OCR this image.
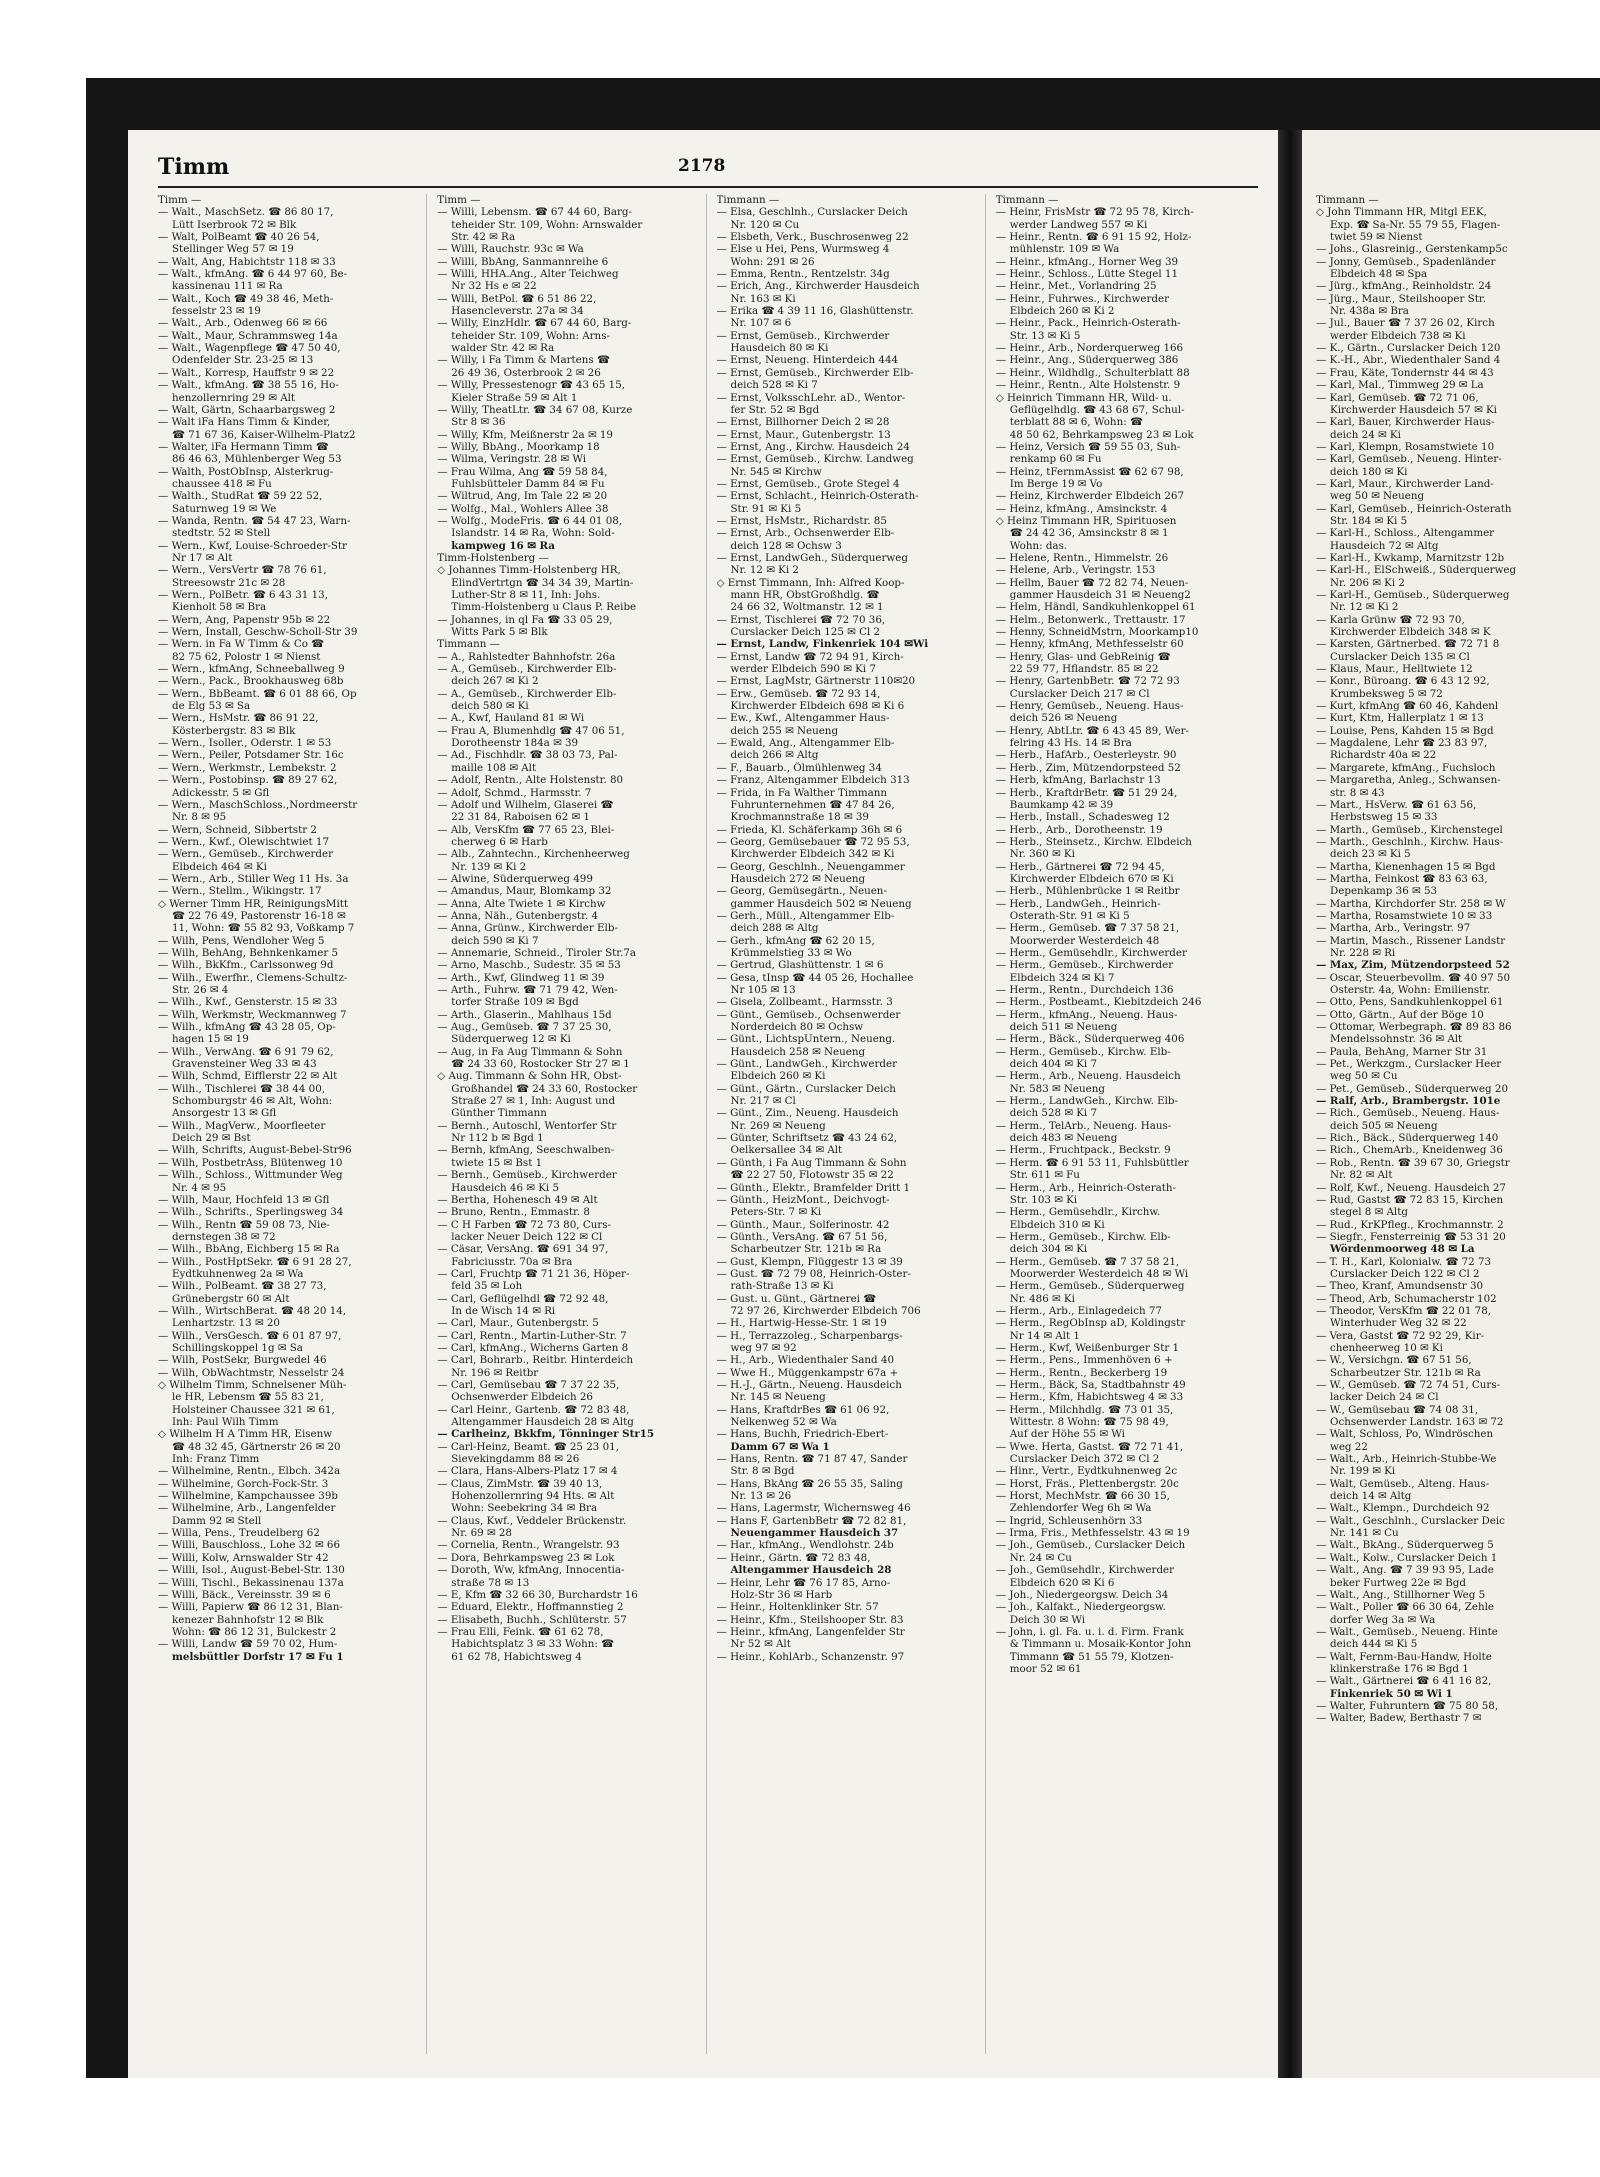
Timm	2178
Timm —
— Walt., MaschSetz. ☎ 86 80 17,
Lütt Iserbrook 72 ✉ Blk
— Walt, PolBeamt ☎ 40 26 54,
Stellinger Weg 57 ✉ 19
— Walt, Ang, Habichtstr 118 ✉ 33
— Walt., kfmAng. ☎ 6 44 97 60, Be-
kassinenau 111 ✉ Ra
— Walt., Koch ☎ 49 38 46, Meth-
fesselstr 23 ✉ 19
— Walt., Arb., Odenweg 66 ✉ 66
— Walt., Maur, Schrammsweg 14a
— Walt., Wagenpflege ☎ 47 50 40,
Odenfelder Str. 23-25 ✉ 13
— Walt., Korresp, Hauffstr 9 ✉ 22
— Walt., kfmAng. ☎ 38 55 16, Ho-
henzollernring 29 ✉ Alt
— Walt, Gärtn, Schaarbargsweg 2
— Walt iFa Hans Timm & Kinder,
☎ 71 67 36, Kaiser-Wilhelm-Platz2
— Walter, iFa Hermann Timm ☎
86 46 63, Mühlenberger Weg 53
— Walth, PostObInsp, Alsterkrug-
chaussee 418 ✉ Fu
— Walth., StudRat ☎ 59 22 52,
Saturnweg 19 ✉ We
— Wanda, Rentn. ☎ 54 47 23, Warn-
stedtstr. 52 ✉ Stell
— Wern., Kwf, Louise-Schroeder-Str
Nr 17 ✉ Alt
— Wern., VersVertr ☎ 78 76 61,
Streesowstr 21c ✉ 28
— Wern., PolBetr. ☎ 6 43 31 13,
Kienholt 58 ✉ Bra
— Wern, Ang, Papenstr 95b ✉ 22
— Wern, Install, Geschw-Scholl-Str 39
— Wern. in Fa W Timm & Co ☎
82 75 62, Polostr 1 ✉ Nienst
— Wern., kfmAng, Schneeballweg 9
— Wern., Pack., Brookhausweg 68b
— Wern., BbBeamt. ☎ 6 01 88 66, Op
de Elg 53 ✉ Sa
— Wern., HsMstr. ☎ 86 91 22,
Kösterbergstr. 83 ✉ Blk
— Wern., Isoller., Oderstr. 1 ✉ 53
— Wern., Peiler, Potsdamer Str. 16c
— Wern., Werkmstr., Lembekstr. 2
— Wern., Postobinsp. ☎ 89 27 62,
Adickesstr. 5 ✉ Gfl
— Wern., MaschSchloss.,Nordmeerstr
Nr. 8 ✉ 95
— Wern, Schneid, Sibbertstr 2
— Wern., Kwf., Olewischtwiet 17
— Wern., Gemüseb., Kirchwerder
Elbdeich 464 ✉ Ki
— Wern., Arb., Stiller Weg 11 Hs. 3a
— Wern., Stellm., Wikingstr. 17
◇ Werner Timm HR, ReinigungsMitt
☎ 22 76 49, Pastorenstr 16-18 ✉
11, Wohn: ☎ 55 82 93, Voßkamp 7
— Wilh, Pens, Wendloher Weg 5
— Wilh, BehAng, Behnkenkamer 5
— Wilh., BkKfm., Carlssonweg 9d
— Wilh., Ewerfhr., Clemens-Schultz-
Str. 26 ✉ 4
— Wilh., Kwf., Gensterstr. 15 ✉ 33
— Wilh, Werkmstr, Weckmannweg 7
— Wilh., kfmAng ☎ 43 28 05, Op-
hagen 15 ✉ 19
— Wilh., VerwAng. ☎ 6 91 79 62,
Gravensteiner Weg 33 ✉ 43
— Wilh, Schmd, Eifflerstr 22 ✉ Alt
— Wilh., Tischlerei ☎ 38 44 00,
Schomburgstr 46 ✉ Alt, Wohn:
Ansorgestr 13 ✉ Gfl
— Wilh., MagVerw., Moorfleeter
Deich 29 ✉ Bst
— Wilh, Schrifts, August-Bebel-Str96
— Wilh, PostbetrAss, Blütenweg 10
— Wilh., Schloss., Wittmunder Weg
Nr. 4 ✉ 95
— Wilh, Maur, Hochfeld 13 ✉ Gfl
— Wilh., Schrifts., Sperlingsweg 34
— Wilh., Rentn ☎ 59 08 73, Nie-
dernstegen 38 ✉ 72
— Wilh., BbAng, Eichberg 15 ✉ Ra
— Wilh., PostHptSekr. ☎ 6 91 28 27,
Eydtkuhnenweg 2a ✉ Wa
— Wilh., PolBeamt. ☎ 38 27 73,
Grünebergstr 60 ✉ Alt
— Wilh., WirtschBerat. ☎ 48 20 14,
Lenhartzstr. 13 ✉ 20
— Wilh., VersGesch. ☎ 6 01 87 97,
Schillingskoppel 1g ✉ Sa
— Wilh, PostSekr, Burgwedel 46
— Wilh, ObWachtmstr, Nesselstr 24
◇ Wilhelm Timm, Schnelsener Müh-
le HR, Lebensm ☎ 55 83 21,
Holsteiner Chaussee 321 ✉ 61,
Inh: Paul Wilh Timm
◇ Wilhelm H A Timm HR, Eisenw
☎ 48 32 45, Gärtnerstr 26 ✉ 20
Inh: Franz Timm
— Wilhelmine, Rentn., Elbch. 342a
— Wilhelmine, Gorch-Fock-Str. 3
— Wilhelmine, Kampchaussee 39b
— Wilhelmine, Arb., Langenfelder
Damm 92 ✉ Stell
— Willa, Pens., Treudelberg 62
— Willi, Bauschloss., Lohe 32 ✉ 66
— Willi, Kolw, Arnswalder Str 42
— Willi, Isol., August-Bebel-Str. 130
— Willi, Tischl., Bekassinenau 137a
— Willi, Bäck., Vereinsstr. 39 ✉ 6
— Willi, Papierw ☎ 86 12 31, Blan-
kenezer Bahnhofstr 12 ✉ Blk
Wohn: ☎ 86 12 31, Bulckestr 2
— Willi, Landw ☎ 59 70 02, Hum-
melsbüttler Dorfstr 17 ✉ Fu 1
Timm —
— Willi, Lebensm. ☎ 67 44 60, Barg-
teheider Str. 109, Wohn: Arnswalder
Str. 42 ✉ Ra
— Willi, Rauchstr. 93c ✉ Wa
— Willi, BbAng, Sanmannreihe 6
— Willi, HHA.Ang., Alter Teichweg
Nr 32 Hs e ✉ 22
— Willi, BetPol. ☎ 6 51 86 22,
Hasencleverstr. 27a ✉ 34
— Willy, EinzHdlr. ☎ 67 44 60, Barg-
teheider Str. 109, Wohn: Arns-
walder Str. 42 ✉ Ra
— Willy, i Fa Timm & Martens ☎
26 49 36, Osterbrook 2 ✉ 26
— Willy, Pressestenogr ☎ 43 65 15,
Kieler Straße 59 ✉ Alt 1
— Willy, TheatLtr. ☎ 34 67 08, Kurze
Str 8 ✉ 36
— Willy, Kfm, Meißnerstr 2a ✉ 19
— Willy, BbAng., Moorkamp 18
— Wilma, Veringstr. 28 ✉ Wi
— Frau Wilma, Ang ☎ 59 58 84,
Fuhlsbütteler Damm 84 ✉ Fu
— Wiltrud, Ang, Im Tale 22 ✉ 20
— Wolfg., Mal., Wohlers Allee 38
— Wolfg., ModeFris. ☎ 6 44 01 08,
Islandstr. 14 ✉ Ra, Wohn: Sold-
kampweg 16 ✉ Ra
Timm-Holstenberg —
◇ Johannes Timm-Holstenberg HR,
ElindVertrtgn ☎ 34 34 39, Martin-
Luther-Str 8 ✉ 11, Inh: Johs.
Timm-Holstenberg u Claus P. Reibe
— Johannes, in ql Fa ☎ 33 05 29,
Witts Park 5 ✉ Blk
Timmann —
— A., Rahlstedter Bahnhofstr. 26a
— A., Gemüseb., Kirchwerder Elb-
deich 267 ✉ Ki 2
— A., Gemüseb., Kirchwerder Elb-
deich 580 ✉ Ki
— A., Kwf, Hauland 81 ✉ Wi
— Frau A, Blumenhdlg ☎ 47 06 51,
Dorotheenstr 184a ✉ 39
— Ad., Fischhdlr. ☎ 38 03 73, Pal-
maille 108 ✉ Alt
— Adolf, Rentn., Alte Holstenstr. 80
— Adolf, Schmd., Harmsstr. 7
— Adolf und Wilhelm, Glaserei ☎
22 31 84, Raboisen 62 ✉ 1
— Alb, VersKfm ☎ 77 65 23, Blei-
cherweg 6 ✉ Harb
— Alb., Zahntechn., Kirchenheerweg
Nr. 139 ✉ Ki 2
— Alwine, Süderquerweg 499
— Amandus, Maur, Blomkamp 32
— Anna, Alte Twiete 1 ✉ Kirchw
— Anna, Näh., Gutenbergstr. 4
— Anna, Grünw., Kirchwerder Elb-
deich 590 ✉ Ki 7
— Annemarie, Schneid., Tiroler Str.7a
— Arno, Maschb., Sudestr. 35 ✉ 53
— Arth., Kwf, Glindweg 11 ✉ 39
— Arth., Fuhrw. ☎ 71 79 42, Wen-
torfer Straße 109 ✉ Bgd
— Arth., Glaserin., Mahlhaus 15d
— Aug., Gemüseb. ☎ 7 37 25 30,
Süderquerweg 12 ✉ Ki
— Aug, in Fa Aug Timmann & Sohn
☎ 24 33 60, Rostocker Str 27 ✉ 1
◇ Aug. Timmann & Sohn HR, Obst-
Großhandel ☎ 24 33 60, Rostocker
Straße 27 ✉ 1, Inh: August und
Günther Timmann
— Bernh., Autoschl, Wentorfer Str
Nr 112 b ✉ Bgd 1
— Bernh, kfmAng, Seeschwalben-
twiete 15 ✉ Bst 1
— Bernh., Gemüseb., Kirchwerder
Hausdeich 46 ✉ Ki 5
— Bertha, Hohenesch 49 ✉ Alt
— Bruno, Rentn., Emmastr. 8
— C H Farben ☎ 72 73 80, Curs-
lacker Neuer Deich 122 ✉ Cl
— Cäsar, VersAng. ☎ 691 34 97,
Fabriciusstr. 70a ✉ Bra
— Carl, Fruchtp ☎ 71 21 36, Höper-
feld 35 ✉ Loh
— Carl, Geflügelhdl ☎ 72 92 48,
In de Wisch 14 ✉ Ri
— Carl, Maur., Gutenbergstr. 5
— Carl, Rentn., Martin-Luther-Str. 7
— Carl, kfmAng., Wicherns Garten 8
— Carl, Bohrarb., Reitbr. Hinterdeich
Nr. 196 ✉ Reitbr
— Carl, Gemüsebau ☎ 7 37 22 35,
Ochsenwerder Elbdeich 26
— Carl Heinr., Gartenb. ☎ 72 83 48,
Altengammer Hausdeich 28 ✉ Altg
— Carlheinz, Bkkfm, Tönninger Str15
— Carl-Heinz, Beamt. ☎ 25 23 01,
Sievekingdamm 88 ✉ 26
— Clara, Hans-Albers-Platz 17 ✉ 4
— Claus, ZimMstr. ☎ 39 40 13,
Hohenzollernring 94 Hts. ✉ Alt
Wohn: Seebekring 34 ✉ Bra
— Claus, Kwf., Veddeler Brückenstr.
Nr. 69 ✉ 28
— Cornelia, Rentn., Wrangelstr. 93
— Dora, Behrkampsweg 23 ✉ Lok
— Doroth, Ww, kfmAng, Innocentia-
straße 78 ✉ 13
— E, Kfm ☎ 32 66 30, Burchardstr 16
— Eduard, Elektr., Hoffmannstieg 2
— Elisabeth, Buchh., Schlüterstr. 57
— Frau Elli, Feink. ☎ 61 62 78,
Habichtsplatz 3 ✉ 33 Wohn: ☎
61 62 78, Habichtsweg 4
Timmann —
— Elsa, Geschlnh., Curslacker Deich
Nr. 120 ✉ Cu
— Elsbeth, Verk., Buschrosenweg 22
— Else u Hei, Pens, Wurmsweg 4
Wohn: 291 ✉ 26
— Emma, Rentn., Rentzelstr. 34g
— Erich, Ang., Kirchwerder Hausdeich
Nr. 163 ✉ Ki
— Erika ☎ 4 39 11 16, Glashüttenstr.
Nr. 107 ✉ 6
— Ernst, Gemüseb., Kirchwerder
Hausdeich 80 ✉ Ki
— Ernst, Neueng. Hinterdeich 444
— Ernst, Gemüseb., Kirchwerder Elb-
deich 528 ✉ Ki 7
— Ernst, VolksschLehr. aD., Wentor-
fer Str. 52 ✉ Bgd
— Ernst, Billhorner Deich 2 ✉ 28
— Ernst, Maur., Gutenbergstr. 13
— Ernst, Ang., Kirchw. Hausdeich 24
— Ernst, Gemüseb., Kirchw. Landweg
Nr. 545 ✉ Kirchw
— Ernst, Gemüseb., Grote Stegel 4
— Ernst, Schlacht., Heinrich-Osterath-
Str. 91 ✉ Ki 5
— Ernst, HsMstr., Richardstr. 85
— Ernst, Arb., Ochsenwerder Elb-
deich 128 ✉ Ochsw 3
— Ernst, LandwGeh., Süderquerweg
Nr. 12 ✉ Ki 2
◇ Ernst Timmann, Inh: Alfred Koop-
mann HR, ObstGroßhdlg. ☎
24 66 32, Woltmanstr. 12 ✉ 1
— Ernst, Tischlerei ☎ 72 70 36,
Curslacker Deich 125 ✉ Cl 2
— Ernst, Landw, Finkenriek 104 ✉Wi
— Ernst, Landw ☎ 72 94 91, Kirch-
werder Elbdeich 590 ✉ Ki 7
— Ernst, LagMstr, Gärtnerstr 110✉20
— Erw., Gemüseb. ☎ 72 93 14,
Kirchwerder Elbdeich 698 ✉ Ki 6
— Ew., Kwf., Altengammer Haus-
deich 255 ✉ Neueng
— Ewald, Ang., Altengammer Elb-
deich 266 ✉ Altg
— F., Bauarb., Ölmühlenweg 34
— Franz, Altengammer Elbdeich 313
— Frida, in Fa Walther Timmann
Fuhrunternehmen ☎ 47 84 26,
Krochmannstraße 18 ✉ 39
— Frieda, Kl. Schäferkamp 36h ✉ 6
— Georg, Gemüsebauer ☎ 72 95 53,
Kirchwerder Elbdeich 342 ✉ Ki
— Georg, Geschlnh., Neuengammer
Hausdeich 272 ✉ Neueng
— Georg, Gemüsegärtn., Neuen-
gammer Hausdeich 502 ✉ Neueng
— Gerh., Müll., Altengammer Elb-
deich 288 ✉ Altg
— Gerh., kfmAng ☎ 62 20 15,
Krümmelstieg 33 ✉ Wo
— Gertrud, Glashüttenstr. 1 ✉ 6
— Gesa, tInsp ☎ 44 05 26, Hochallee
Nr 105 ✉ 13
— Gisela, Zollbeamt., Harmsstr. 3
— Günt., Gemüseb., Ochsenwerder
Norderdeich 80 ✉ Ochsw
— Günt., LichtspUntern., Neueng.
Hausdeich 258 ✉ Neueng
— Günt., LandwGeh., Kirchwerder
Elbdeich 260 ✉ Ki
— Günt., Gärtn., Curslacker Deich
Nr. 217 ✉ Cl
— Günt., Zim., Neueng. Hausdeich
Nr. 269 ✉ Neueng
— Günter, Schriftsetz ☎ 43 24 62,
Oelkersallee 34 ✉ Alt
— Günth, i Fa Aug Timmann & Sohn
☎ 22 27 50, Flotowstr 35 ✉ 22
— Günth., Elektr., Bramfelder Dritt 1
— Günth., HeizMont., Deichvogt-
Peters-Str. 7 ✉ Ki
— Günth., Maur., Solferinostr. 42
— Günth., VersAng. ☎ 67 51 56,
Scharbeutzer Str. 121b ✉ Ra
— Gust, Klempn, Flüggestr 13 ✉ 39
— Gust. ☎ 72 79 08, Heinrich-Oster-
rath-Straße 13 ✉ Ki
— Gust. u. Günt., Gärtnerei ☎
72 97 26, Kirchwerder Elbdeich 706
— H., Hartwig-Hesse-Str. 1 ✉ 19
— H., Terrazzoleg., Scharpenbargs-
weg 97 ✉ 92
— H., Arb., Wiedenthaler Sand 40
— Wwe H., Müggenkampstr 67a +
— H.-J., Gärtn., Neueng. Hausdeich
Nr. 145 ✉ Neueng
— Hans, KraftdrBes ☎ 61 06 92,
Nelkenweg 52 ✉ Wa
— Hans, Buchh, Friedrich-Ebert-
Damm 67 ✉ Wa 1
— Hans, Rentn. ☎ 71 87 47, Sander
Str. 8 ✉ Bgd
— Hans, BkAng ☎ 26 55 35, Saling
Nr. 13 ✉ 26
— Hans, Lagermstr, Wichernsweg 46
— Hans F, GartenbBetr ☎ 72 82 81,
Neuengammer Hausdeich 37
— Har., kfmAng., Wendlohstr. 24b
— Heinr., Gärtn. ☎ 72 83 48,
Altengammer Hausdeich 28
— Heinr, Lehr ☎ 76 17 85, Arno-
Holz-Str 36 ✉ Harb
— Heinr., Holtenklinker Str. 57
— Heinr., Kfm., Steilshooper Str. 83
— Heinr., kfmAng, Langenfelder Str
Nr 52 ✉ Alt
— Heinr., KohlArb., Schanzenstr. 97
Timmann —
— Heinr, FrisMstr ☎ 72 95 78, Kirch-
werder Landweg 557 ✉ Ki
— Heinr., Rentn. ☎ 6 91 15 92, Holz-
mühlenstr. 109 ✉ Wa
— Heinr., kfmAng., Horner Weg 39
— Heinr., Schloss., Lütte Stegel 11
— Heinr., Met., Vorlandring 25
— Heinr., Fuhrwes., Kirchwerder
Elbdeich 260 ✉ Ki 2
— Heinr., Pack., Heinrich-Osterath-
Str. 13 ✉ Ki 5
— Heinr., Arb., Norderquerweg 166
— Heinr., Ang., Süderquerweg 386
— Heinr., Wildhdlg., Schulterblatt 88
— Heinr., Rentn., Alte Holstenstr. 9
◇ Heinrich Timmann HR, Wild- u.
Geflügelhdlg. ☎ 43 68 67, Schul-
terblatt 88 ✉ 6, Wohn: ☎
48 50 62, Behrkampsweg 23 ✉ Lok
— Heinz, Versich ☎ 59 55 03, Suh-
renkamp 60 ✉ Fu
— Heinz, tFernmAssist ☎ 62 67 98,
Im Berge 19 ✉ Vo
— Heinz, Kirchwerder Elbdeich 267
— Heinz, kfmAng., Amsinckstr. 4
◇ Heinz Timmann HR, Spirituosen
☎ 24 42 36, Amsinckstr 8 ✉ 1
Wohn: das.
— Helene, Rentn., Himmelstr. 26
— Helene, Arb., Veringstr. 153
— Hellm, Bauer ☎ 72 82 74, Neuen-
gammer Hausdeich 31 ✉ Neueng2
— Helm, Händl, Sandkuhlenkoppel 61
— Helm., Betonwerk., Trettaustr. 17
— Henny, SchneidMstrn, Moorkamp10
— Henny, kfmAng, Methfesselstr 60
— Henry, Glas- und GebReinig ☎
22 59 77, Hflandstr. 85 ✉ 22
— Henry, GartenbBetr. ☎ 72 72 93
Curslacker Deich 217 ✉ Cl
— Henry, Gemüseb., Neueng. Haus-
deich 526 ✉ Neueng
— Henry, AbtLtr. ☎ 6 43 45 89, Wer-
felring 43 Hs. 14 ✉ Bra
— Herb., HafArb., Oesterleystr. 90
— Herb., Zim, Mützendorpsteed 52
— Herb, kfmAng, Barlachstr 13
— Herb., KraftdrBetr. ☎ 51 29 24,
Baumkamp 42 ✉ 39
— Herb., Install., Schadesweg 12
— Herb., Arb., Dorotheenstr. 19
— Herb., Steinsetz., Kirchw. Elbdeich
Nr. 360 ✉ Ki
— Herb., Gärtnerei ☎ 72 94 45,
Kirchwerder Elbdeich 670 ✉ Ki
— Herb., Mühlenbrücke 1 ✉ Reitbr
— Herb., LandwGeh., Heinrich-
Osterath-Str. 91 ✉ Ki 5
— Herm., Gemüseb. ☎ 7 37 58 21,
Moorwerder Westerdeich 48
— Herm., Gemüsehdlr., Kirchwerder
— Herm., Gemüseb., Kirchwerder
Elbdeich 324 ✉ Ki 7
— Herm., Rentn., Durchdeich 136
— Herm., Postbeamt., Kiebitzdeich 246
— Herm., kfmAng., Neueng. Haus-
deich 511 ✉ Neueng
— Herm., Bäck., Süderquerweg 406
— Herm., Gemüseb., Kirchw. Elb-
deich 404 ✉ Ki 7
— Herm., Arb., Neueng. Hausdeich
Nr. 583 ✉ Neueng
— Herm., LandwGeh., Kirchw. Elb-
deich 528 ✉ Ki 7
— Herm., TelArb., Neueng. Haus-
deich 483 ✉ Neueng
— Herm., Fruchtpack., Beckstr. 9
— Herm. ☎ 6 91 53 11, Fuhlsbüttler
Str. 611 ✉ Fu
— Herm., Arb., Heinrich-Osterath-
Str. 103 ✉ Ki
— Herm., Gemüsehdlr., Kirchw.
Elbdeich 310 ✉ Ki
— Herm., Gemüseb., Kirchw. Elb-
deich 304 ✉ Ki
— Herm., Gemüseb. ☎ 7 37 58 21,
Moorwerder Westerdeich 48 ✉ Wi
— Herm., Gemüseb., Süderquerweg
Nr. 486 ✉ Ki
— Herm., Arb., Einlagedeich 77
— Herm., RegObInsp aD, Koldingstr
Nr 14 ✉ Alt 1
— Herm., Kwf, Weißenburger Str 1
— Herm., Pens., Immenhöven 6 +
— Herm., Rentn., Beckerberg 19
— Herm., Bäck, Sa, Stadtbahnstr 49
— Herm., Kfm, Habichtsweg 4 ✉ 33
— Herm., Milchhdlg. ☎ 73 01 35,
Wittestr. 8 Wohn: ☎ 75 98 49,
Auf der Höhe 55 ✉ Wi
— Wwe. Herta, Gastst. ☎ 72 71 41,
Curslacker Deich 372 ✉ Cl 2
— Hinr., Vertr., Eydtkuhnenweg 2c
— Horst, Fräs., Plettenbergstr. 20c
— Horst, MechMstr. ☎ 66 30 15,
Zehlendorfer Weg 6h ✉ Wa
— Ingrid, Schleusenhörn 33
— Irma, Fris., Methfesselstr. 43 ✉ 19
— Joh., Gemüseb., Curslacker Deich
Nr. 24 ✉ Cu
— Joh., Gemüsehdlr., Kirchwerder
Elbdeich 620 ✉ Ki 6
— Joh., Niedergeorgsw. Deich 34
— Joh., Kalfakt., Niedergeorgsw.
Deich 30 ✉ Wi
— John, i. gl. Fa. u. i. d. Firm. Frank
& Timmann u. Mosaik-Kontor John
Timmann ☎ 51 55 79, Klotzen-
moor 52 ✉ 61
Timmann —
◇ John Timmann HR, Mitgl EEK,
Exp. ☎ Sa-Nr. 55 79 55, Flagen-
twiet 59 ✉ Nienst
— Johs., Glasreinig., Gerstenkamp5c
— Jonny, Gemüseb., Spadenländer
Elbdeich 48 ✉ Spa
— Jürg., kfmAng., Reinholdstr. 24
— Jürg., Maur., Steilshooper Str.
Nr. 438a ✉ Bra
— Jul., Bauer ☎ 7 37 26 02, Kirch
werder Elbdeich 738 ✉ Ki
— K., Gärtn., Curslacker Deich 120
— K.-H., Abr., Wiedenthaler Sand 4
— Frau, Käte, Tondernstr 44 ✉ 43
— Karl, Mal., Timmweg 29 ✉ La
— Karl, Gemüseb. ☎ 72 71 06,
Kirchwerder Hausdeich 57 ✉ Ki
— Karl, Bauer, Kirchwerder Haus-
deich 24 ✉ Ki
— Karl, Klempn, Rosamstwiete 10
— Karl, Gemüseb., Neueng. Hinter-
deich 180 ✉ Ki
— Karl, Maur., Kirchwerder Land-
weg 50 ✉ Neueng
— Karl, Gemüseb., Heinrich-Osterath
Str. 184 ✉ Ki 5
— Karl-H., Schloss., Altengammer
Hausdeich 72 ✉ Altg
— Karl-H., Kwkamp, Marnitzstr 12b
— Karl-H., ElSchweiß., Süderquerweg
Nr. 206 ✉ Ki 2
— Karl-H., Gemüseb., Süderquerweg
Nr. 12 ✉ Ki 2
— Karla Grünw ☎ 72 93 70,
Kirchwerder Elbdeich 348 ✉ K
— Karsten, Gärtnerbed. ☎ 72 71 8
Curslacker Deich 135 ✉ Cl
— Klaus, Maur., Helltwiete 12
— Konr., Büroang. ☎ 6 43 12 92,
Krumbeksweg 5 ✉ 72
— Kurt, kfmAng ☎ 60 46, Kahdenl
— Kurt, Ktm, Hallerplatz 1 ✉ 13
— Louise, Pens, Kahden 15 ✉ Bgd
— Magdalene, Lehr ☎ 23 83 97,
Richardstr 40a ✉ 22
— Margarete, kfmAng., Fuchsloch
— Margaretha, Anleg., Schwansen-
str. 8 ✉ 43
— Mart., HsVerw. ☎ 61 63 56,
Herbstsweg 15 ✉ 33
— Marth., Gemüseb., Kirchenstegel
— Marth., Geschlnh., Kirchw. Haus-
deich 23 ✉ Ki 5
— Martha, Kienenhagen 15 ✉ Bgd
— Martha, Feinkost ☎ 83 63 63,
Depenkamp 36 ✉ 53
— Martha, Kirchdorfer Str. 258 ✉ W
— Martha, Rosamstwiete 10 ✉ 33
— Martha, Arb., Veringstr. 97
— Martin, Masch., Rissener Landstr
Nr. 228 ✉ Ri
— Max, Zim, Mützendorpsteed 52
— Oscar, Steuerbevollm. ☎ 40 97 50
Osterstr. 4a, Wohn: Emilienstr.
— Otto, Pens, Sandkuhlenkoppel 61
— Otto, Gärtn., Auf der Böge 10
— Ottomar, Werbegraph. ☎ 89 83 86
Mendelssohnstr. 36 ✉ Alt
— Paula, BehAng, Marner Str 31
— Pet., Werkzgm., Curslacker Heer
weg 50 ✉ Cu
— Pet., Gemüseb., Süderquerweg 20
— Ralf, Arb., Brambergstr. 101e
— Rich., Gemüseb., Neueng. Haus-
deich 505 ✉ Neueng
— Rich., Bäck., Süderquerweg 140
— Rich., ChemArb., Kneidenweg 36
— Rob., Rentn. ☎ 39 67 30, Griegstr
Nr. 82 ✉ Alt
— Rolf, Kwf., Neueng. Hausdeich 27
— Rud, Gastst ☎ 72 83 15, Kirchen
stegel 8 ✉ Altg
— Rud., KrKPfleg., Krochmannstr. 2
— Siegfr., Fensterreinig ☎ 53 31 20
Wördenmoorweg 48 ✉ La
— T. H., Karl, Kolonialw. ☎ 72 73
Curslacker Deich 122 ✉ Cl 2
— Theo, Kranf, Amundsenstr 30
— Theod, Arb, Schumacherstr 102
— Theodor, VersKfm ☎ 22 01 78,
Winterhuder Weg 32 ✉ 22
— Vera, Gastst ☎ 72 92 29, Kir-
chenheerweg 10 ✉ Ki
— W., Versichgn. ☎ 67 51 56,
Scharbeutzer Str. 121b ✉ Ra
— W., Gemüseb. ☎ 72 74 51, Curs-
lacker Deich 24 ✉ Cl
— W., Gemüsebau ☎ 74 08 31,
Ochsenwerder Landstr. 163 ✉ 72
— Walt, Schloss, Po, Windröschen
weg 22
— Walt., Arb., Heinrich-Stubbe-We
Nr. 199 ✉ Ki
— Walt, Gemüseb., Alteng. Haus-
deich 14 ✉ Altg
— Walt., Klempn., Durchdeich 92
— Walt., Geschlnh., Curslacker Deic
Nr. 141 ✉ Cu
— Walt., BkAng., Süderquerweg 5
— Walt., Kolw., Curslacker Deich 1
— Walt., Ang. ☎ 7 39 93 95, Lade
beker Furtweg 22e ✉ Bgd
— Walt., Ang., Stillhorner Weg 5
— Walt., Poller ☎ 66 30 64, Zehle
dorfer Weg 3a ✉ Wa
— Walt., Gemüseb., Neueng. Hinte
deich 444 ✉ Ki 5
— Walt, Fernm-Bau-Handw, Holte
klinkerstraße 176 ✉ Bgd 1
— Walt., Gärtnerei ☎ 6 41 16 82,
Finkenriek 50 ✉ Wi 1
— Walter, Fuhruntern ☎ 75 80 58,
— Walter, Badew, Berthastr 7 ✉
